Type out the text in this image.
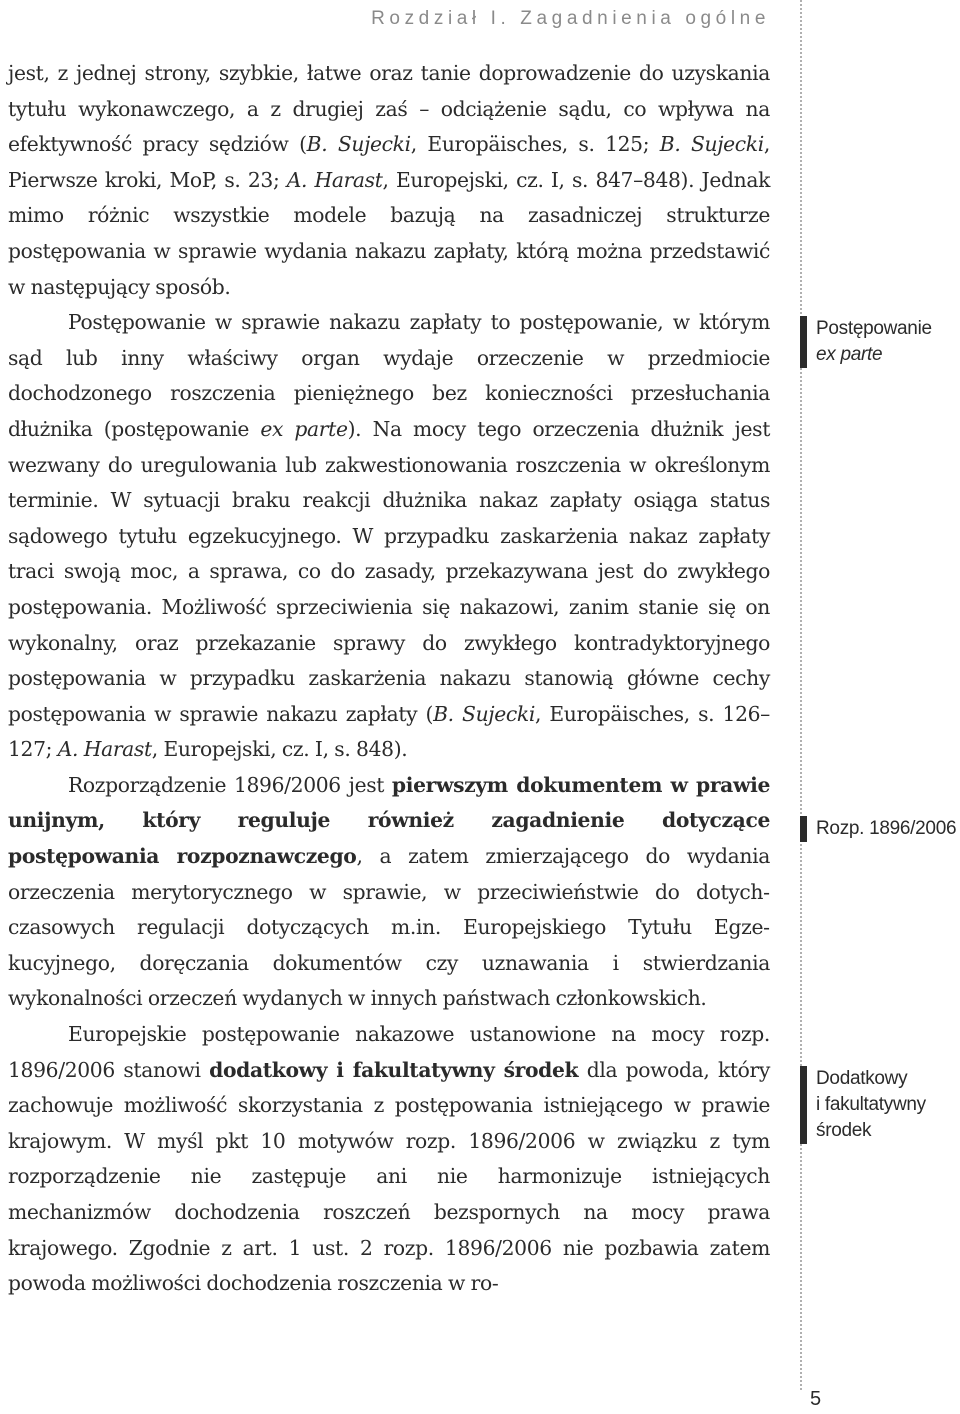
Rozdział I. Zagadnienia ogólne

jest, z jednej strony, szybkie, łatwe oraz tanie doprowadzenie do uzyskania tytułu wykonawczego, a z drugiej zaś – odciążenie sądu, co wpływa na efektywność pracy sędziów (B. Sujecki, Europäisches, s. 125; B. Sujecki, Pierwsze kroki, MoP, s. 23; A. Harast, Europejski, cz. I, s. 847–848). Jednak mimo różnic wszystkie modele bazują na zasadniczej strukturze postępowania w sprawie wydania nakazu zapłaty, którą można przedstawić w następujący sposób.

Postępowanie w sprawie nakazu zapłaty to postępowanie, w którym sąd lub inny właściwy organ wydaje orzeczenie w przedmiocie dochodzonego roszczenia pieniężnego bez konieczności przesłuchania dłużnika (postępowanie ex parte). Na mocy tego orzeczenia dłużnik jest wezwany do uregulowania lub zakwestionowania roszczenia w określonym terminie. W sytuacji braku reakcji dłużnika nakaz zapłaty osiąga status sądowego tytułu egzekucyjnego. W przypadku zaskarżenia nakaz zapłaty traci swoją moc, a sprawa, co do zasady, przekazywana jest do zwykłego postępowania. Możliwość sprzeciwienia się nakazowi, zanim stanie się on wykonalny, oraz przekazanie sprawy do zwykłego kontradyktoryjnego postępowania w przypadku zaskarżenia nakazu stanowią główne cechy postępowania w sprawie nakazu zapłaty (B. Sujecki, Europäisches, s. 126–127; A. Harast, Europejski, cz. I, s. 848).

Rozporządzenie 1896/2006 jest pierwszym dokumentem w prawie unijnym, który reguluje również zagadnienie dotyczące postępowania rozpoznawczego, a zatem zmierzającego do wydania orzeczenia merytorycznego w sprawie, w przeciwieństwie do dotychczasowych regulacji dotyczących m.in. Europejskiego Tytułu Egzekucyjnego, doręczania dokumentów czy uznawania i stwierdzania wykonalności orzeczeń wydanych w innych państwach członkowskich.

Europejskie postępowanie nakazowe ustanowione na mocy rozp. 1896/2006 stanowi dodatkowy i fakultatywny środek dla powoda, który zachowuje możliwość skorzystania z postępowania istniejącego w prawie krajowym. W myśl pkt 10 motywów rozp. 1896/2006 w związku z tym rozporządzenie nie zastępuje ani nie harmonizuje istniejących mechanizmów dochodzenia roszczeń bezspornych na mocy prawa krajowego. Zgodnie z art. 1 ust. 2 rozp. 1896/2006 nie pozbawia zatem powoda możliwości dochodzenia roszczenia w ro-

Postępowanie
ex parte
Rozp. 1896/2006
Dodatkowy
i fakultatywny
środek
5
